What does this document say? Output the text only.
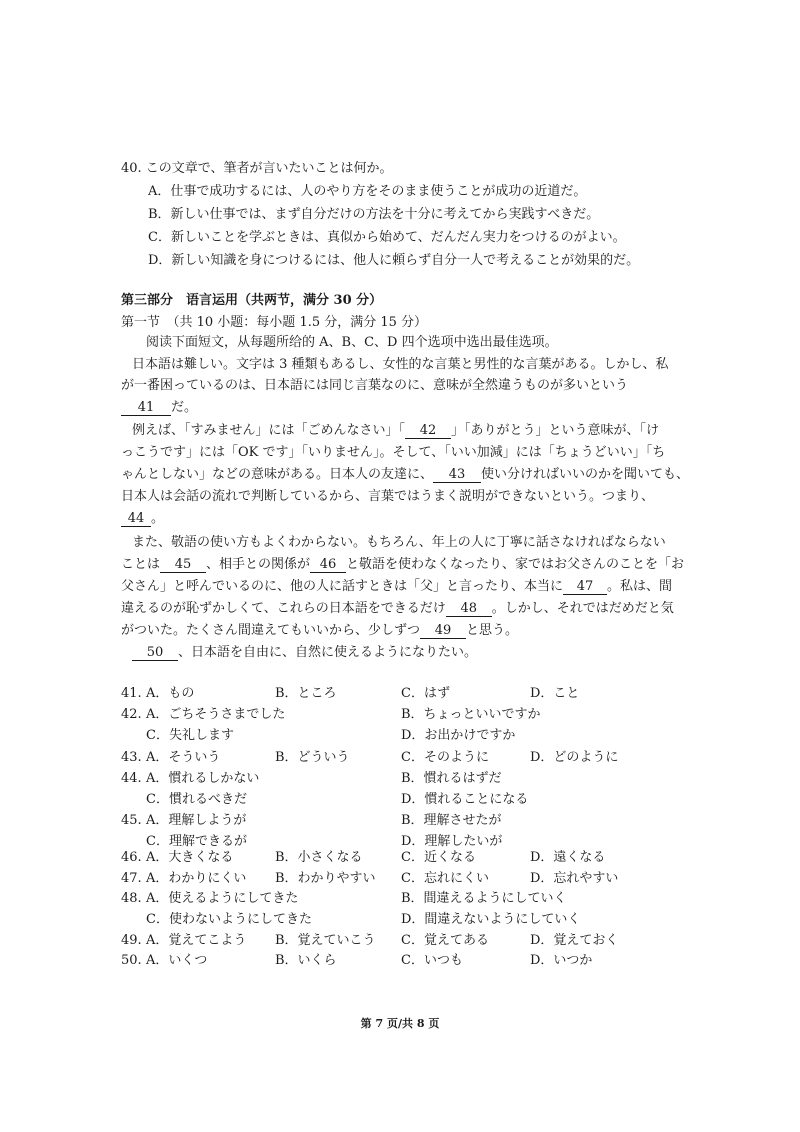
40. この文章で、筆者が言いたいことは何か。
A．仕事で成功するには、人のやり方をそのまま使うことが成功の近道だ。
B．新しい仕事では、まず自分だけの方法を十分に考えてから実践すべきだ。
C．新しいことを学ぶときは、真似から始めて、だんだん実力をつけるのがよい。
D．新しい知識を身につけるには、他人に頼らず自分一人で考えることが効果的だ。
第三部分　语言运用（共两节，满分 30 分）
第一节　（共 10 小题：每小题 1.5 分，满分 15 分）
阅读下面短文，从每题所给的 A、B、C、D 四个选项中选出最佳选项。
日本語は難しい。文字は 3 種類もあるし、女性的な言葉と男性的な言葉がある。しかし、私
が一番困っているのは、日本語には同じ言葉なのに、意味が全然違うものが多いという
41 だ。
例えば、「すみません」には「ごめんなさい」「 42 」「ありがとう」という意味が、「け
っこうです」には「OK です」「いりません」。そして、「いい加減」には「ちょうどいい」「ち
ゃんとしない」などの意味がある。日本人の友達に、 43 使い分ければいいのかを聞いても、
日本人は会話の流れで判断しているから、言葉ではうまく説明ができないという。つまり、
44 。
また、敬語の使い方もよくわからない。もちろん、年上の人に丁寧に話さなければならない
ことは 45 、相手との関係が 46 と敬語を使わなくなったり、家ではお父さんのことを「お
父さん」と呼んでいるのに、他の人に話すときは「父」と言ったり、本当に 47 。私は、間
違えるのが恥ずかしくて、これらの日本語をできるだけ 48 。しかし、それではだめだと気
がついた。たくさん間違えてもいいから、少しずつ 49 と思う。
50 、日本語を自由に、自然に使えるようになりたい。
41. A．もの	B．ところ	C．はず	D．こと
42. A．ごちそうさまでした	B．ちょっといいですか
C．失礼します	D．お出かけですか
43. A．そういう	B．どういう	C．そのように	D．どのように
44. A．慣れるしかない	B．慣れるはずだ
C．慣れるべきだ	D．慣れることになる
45. A．理解しようが	B．理解させたが
C．理解できるが	D．理解したいが
46. A．大きくなる	B．小さくなる	C．近くなる	D．遠くなる
47. A．わかりにくい B．わかりやすい C．忘れにくい	D．忘れやすい
48. A．使えるようにしてきた	B．間違えるようにしていく
C．使わないようにしてきた	D．間違えないようにしていく
49. A．覚えてこよう B．覚えていこう C．覚えてある	D．覚えておく
50. A．いくつ	B．いくら	C．いつも	D．いつか
第 7 页/共 8 页
